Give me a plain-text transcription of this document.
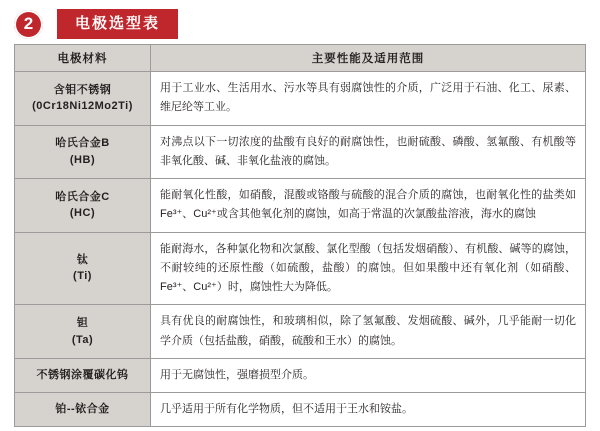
2	电极选型表
电极材料	主要性能及适用范围

含钼不锈钢
(0Cr18Ni12Mo2Ti)	用于工业水、生活用水、污水等具有弱腐蚀性的介质，广泛用于石油、化工、尿素、维尼纶等工业。

哈氏合金B
(HB)	对沸点以下一切浓度的盐酸有良好的耐腐蚀性，也耐硫酸、磷酸、氢氟酸、有机酸等非氧化酸、碱、非氧化盐液的腐蚀。

哈氏合金C
(HC)	能耐氧化性酸，如硝酸，混酸或铬酸与硫酸的混合介质的腐蚀，也耐氧化性的盐类如Fe³⁺、Cu²⁺或含其他氧化剂的腐蚀，如高于常温的次氯酸盐溶液，海水的腐蚀

钛
(Ti)	能耐海水，各种氯化物和次氯酸、氯化型酸（包括发烟硝酸）、有机酸、碱等的腐蚀，不耐较纯的还原性酸（如硫酸，盐酸）的腐蚀。但如果酸中还有氧化剂（如硝酸、Fe³⁺、Cu²⁺）时，腐蚀性大为降低。

钽
(Ta)	具有优良的耐腐蚀性，和玻璃相似，除了氢氟酸、发烟硫酸、碱外，几乎能耐一切化学介质（包括盐酸，硝酸，硫酸和王水）的腐蚀。

不锈钢涂覆碳化钨	用于无腐蚀性，强磨损型介质。

铂--铱合金	几乎适用于所有化学物质，但不适用于王水和铵盐。
